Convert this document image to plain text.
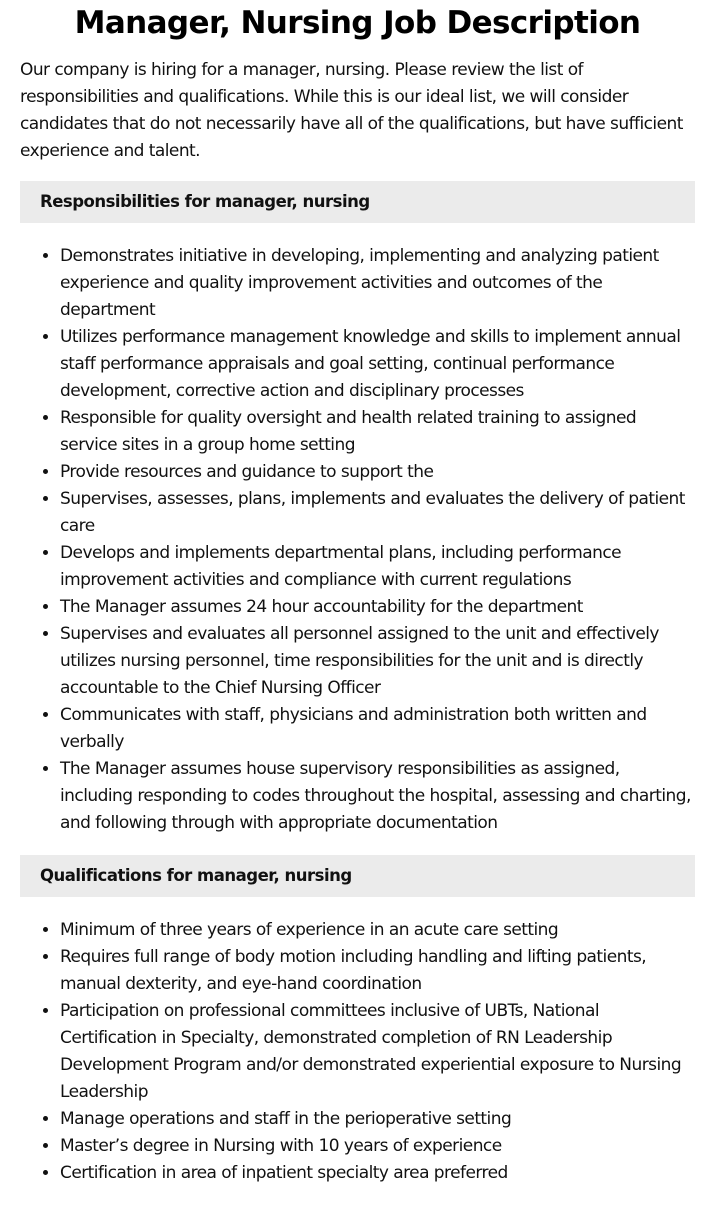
Manager, Nursing Job Description

Our company is hiring for a manager, nursing. Please review the list of responsibilities and qualifications. While this is our ideal list, we will consider candidates that do not necessarily have all of the qualifications, but have sufficient experience and talent.

Responsibilities for manager, nursing
• Demonstrates initiative in developing, implementing and analyzing patient experience and quality improvement activities and outcomes of the department
• Utilizes performance management knowledge and skills to implement annual staff performance appraisals and goal setting, continual performance development, corrective action and disciplinary processes
• Responsible for quality oversight and health related training to assigned service sites in a group home setting
• Provide resources and guidance to support the
• Supervises, assesses, plans, implements and evaluates the delivery of patient care
• Develops and implements departmental plans, including performance improvement activities and compliance with current regulations
• The Manager assumes 24 hour accountability for the department
• Supervises and evaluates all personnel assigned to the unit and effectively utilizes nursing personnel, time responsibilities for the unit and is directly accountable to the Chief Nursing Officer
• Communicates with staff, physicians and administration both written and verbally
• The Manager assumes house supervisory responsibilities as assigned, including responding to codes throughout the hospital, assessing and charting, and following through with appropriate documentation
Qualifications for manager, nursing
• Minimum of three years of experience in an acute care setting
• Requires full range of body motion including handling and lifting patients, manual dexterity, and eye-hand coordination
• Participation on professional committees inclusive of UBTs, National Certification in Specialty, demonstrated completion of RN Leadership Development Program and/or demonstrated experiential exposure to Nursing Leadership
• Manage operations and staff in the perioperative setting
• Master’s degree in Nursing with 10 years of experience
• Certification in area of inpatient specialty area preferred
